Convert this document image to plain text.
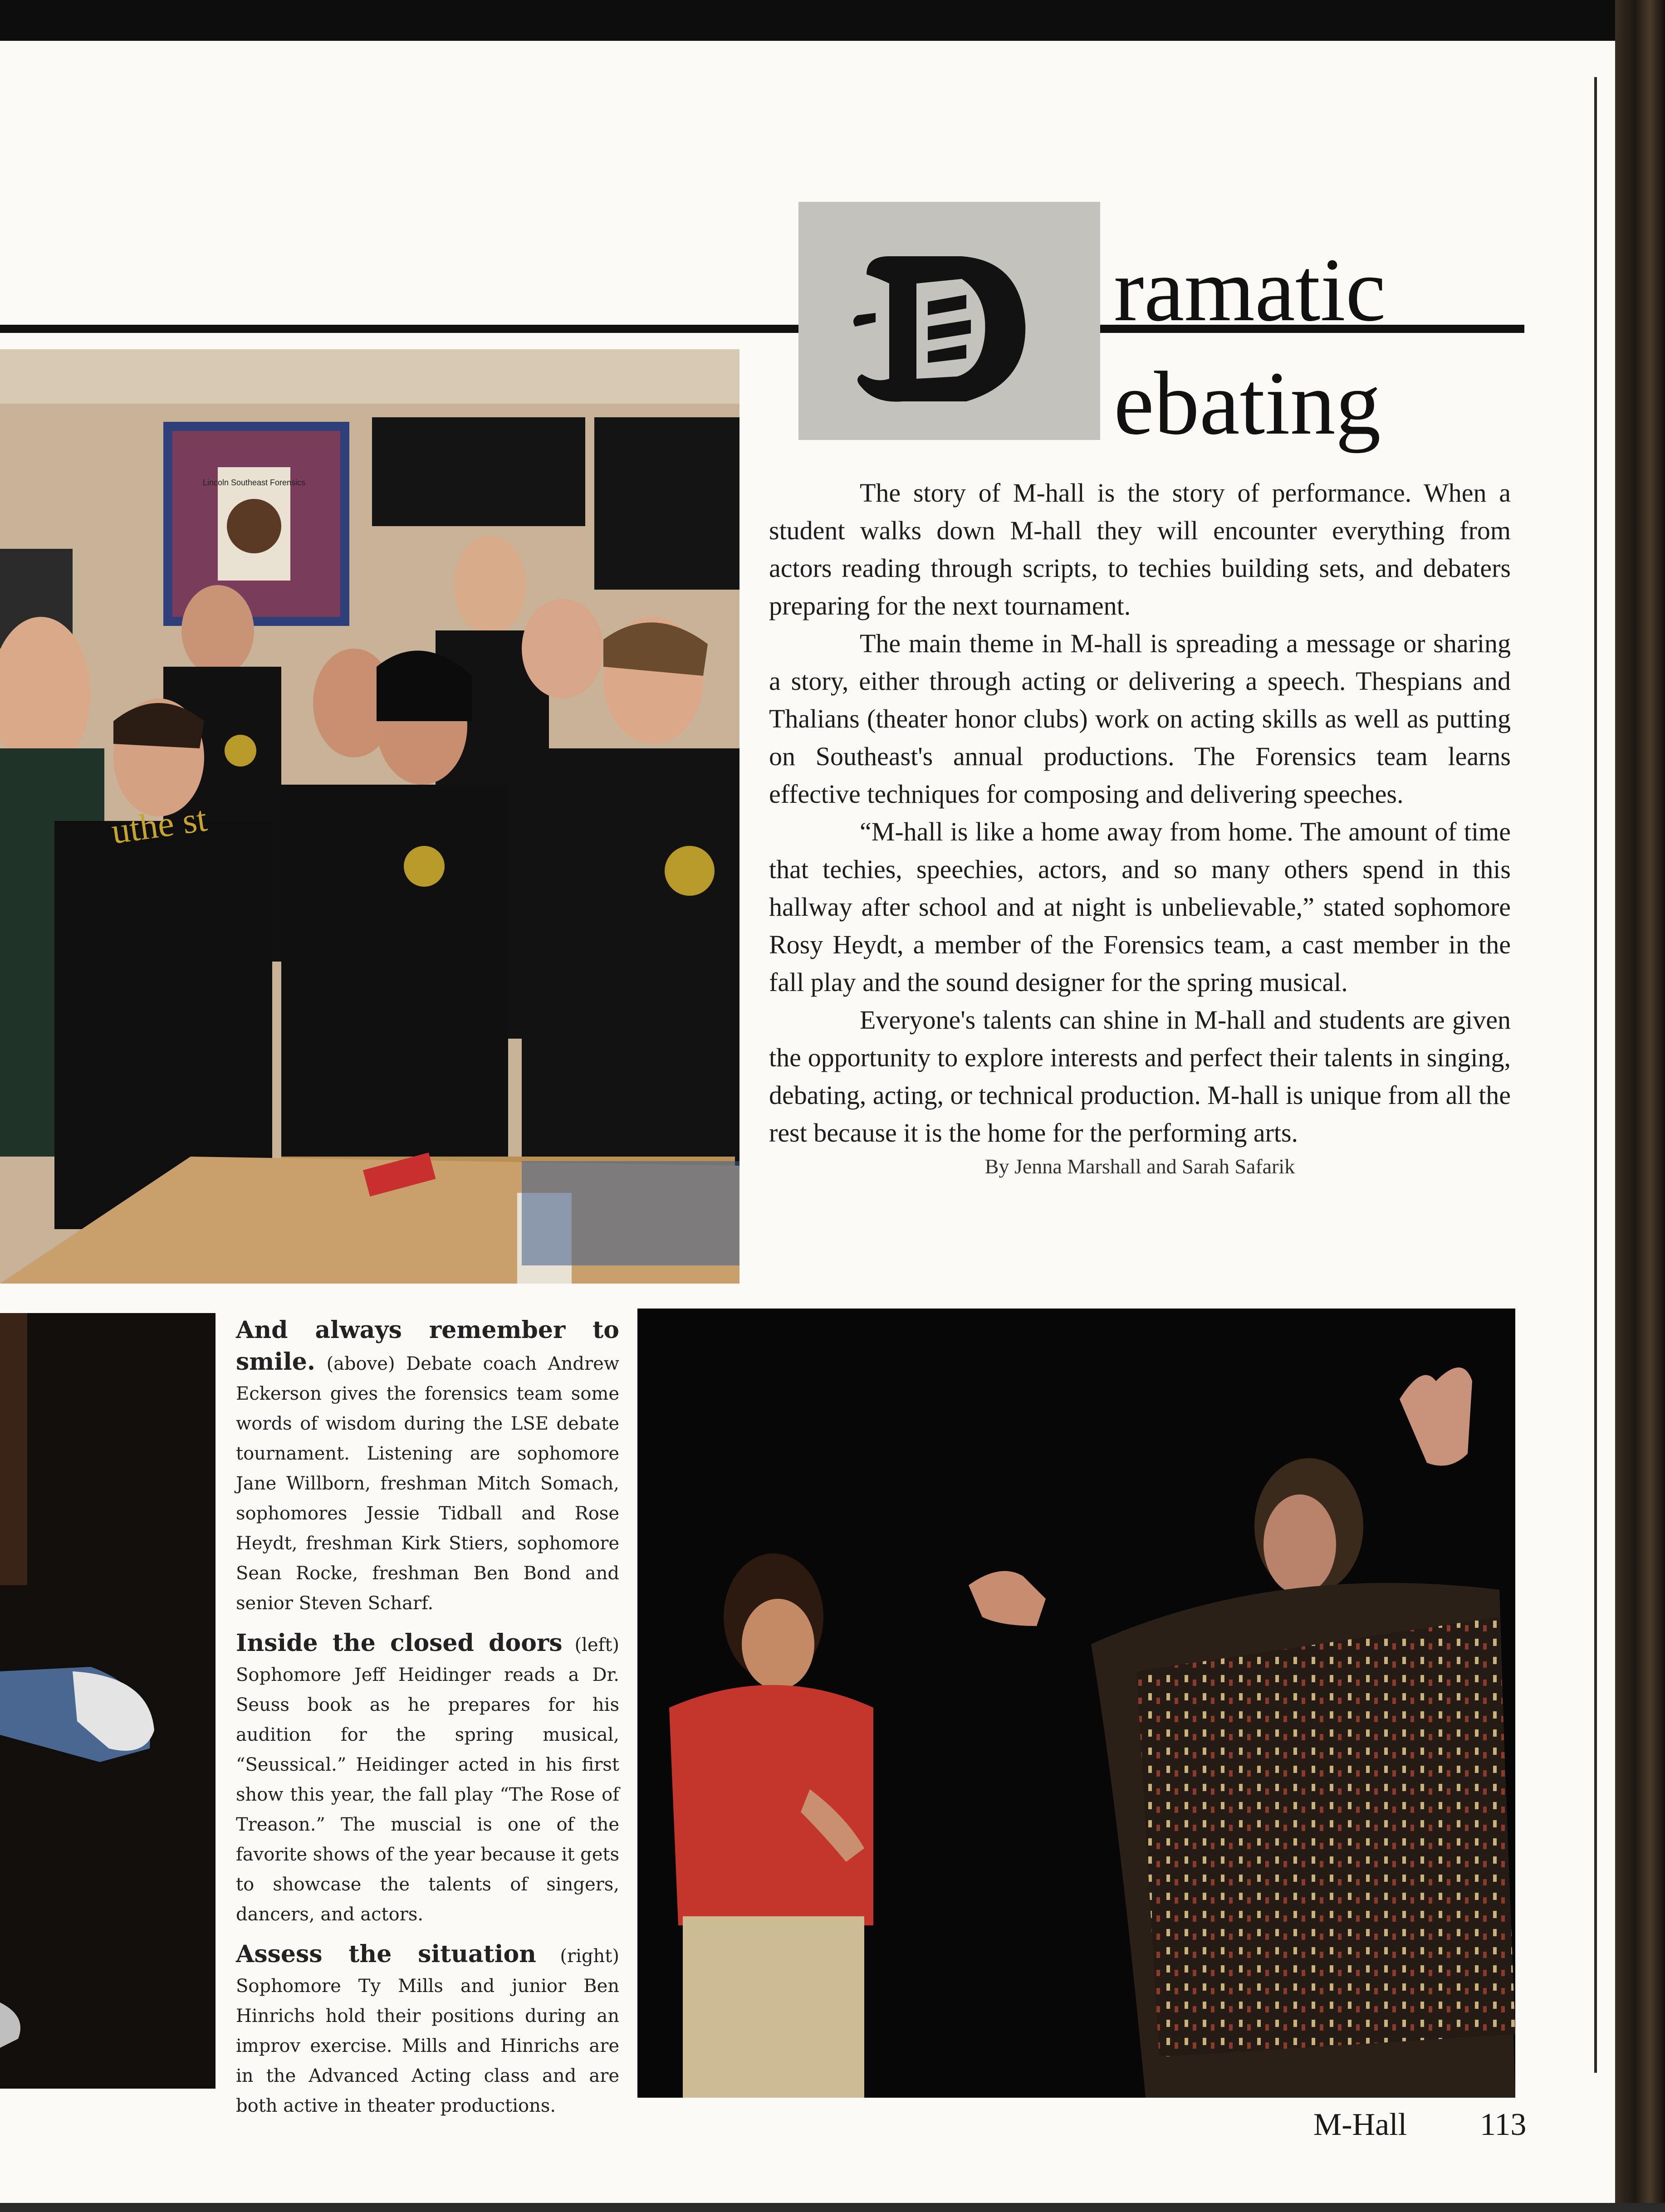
ramatic
ebating

The story of M-hall is the story of performance. When a student walks down M-hall they will encounter everything from actors reading through scripts, to techies building sets, and debaters preparing for the next tournament.

The main theme in M-hall is spreading a message or sharing a story, either through acting or delivering a speech. Thespians and Thalians (theater honor clubs) work on acting skills as well as putting on Southeast's annual productions. The Forensics team learns effective techniques for composing and delivering speeches.

“M-hall is like a home away from home. The amount of time that techies, speechies, actors, and so many others spend in this hallway after school and at night is unbelievable,” stated sophomore Rosy Heydt, a member of the Forensics team, a cast member in the fall play and the sound designer for the spring musical.

Everyone's talents can shine in M-hall and students are given the opportunity to explore interests and perfect their talents in singing, debating, acting, or technical production. M-hall is unique from all the rest because it is the home for the performing arts.

By Jenna Marshall and Sarah Safarik
Lincoln Southeast Forensics
uthe st

And always remember to smile. (above) Debate coach Andrew Eckerson gives the forensics team some words of wisdom during the LSE debate tournament. Listening are sophomore Jane Willborn, freshman Mitch Somach, sophomores Jessie Tidball and Rose Heydt, freshman Kirk Stiers, sophomore Sean Rocke, freshman Ben Bond and senior Steven Scharf.

Inside the closed doors (left) Sophomore Jeff Heidinger reads a Dr. Seuss book as he prepares for his audition for the spring musical, “Seussical.” Heidinger acted in his first show this year, the fall play “The Rose of Treason.” The muscial is one of the favorite shows of the year because it gets to showcase the talents of singers, dancers, and actors.

Assess the situation (right) Sophomore Ty Mills and junior Ben Hinrichs hold their positions during an improv exercise. Mills and Hinrichs are in the Advanced Acting class and are both active in theater productions.

M-Hall 113
